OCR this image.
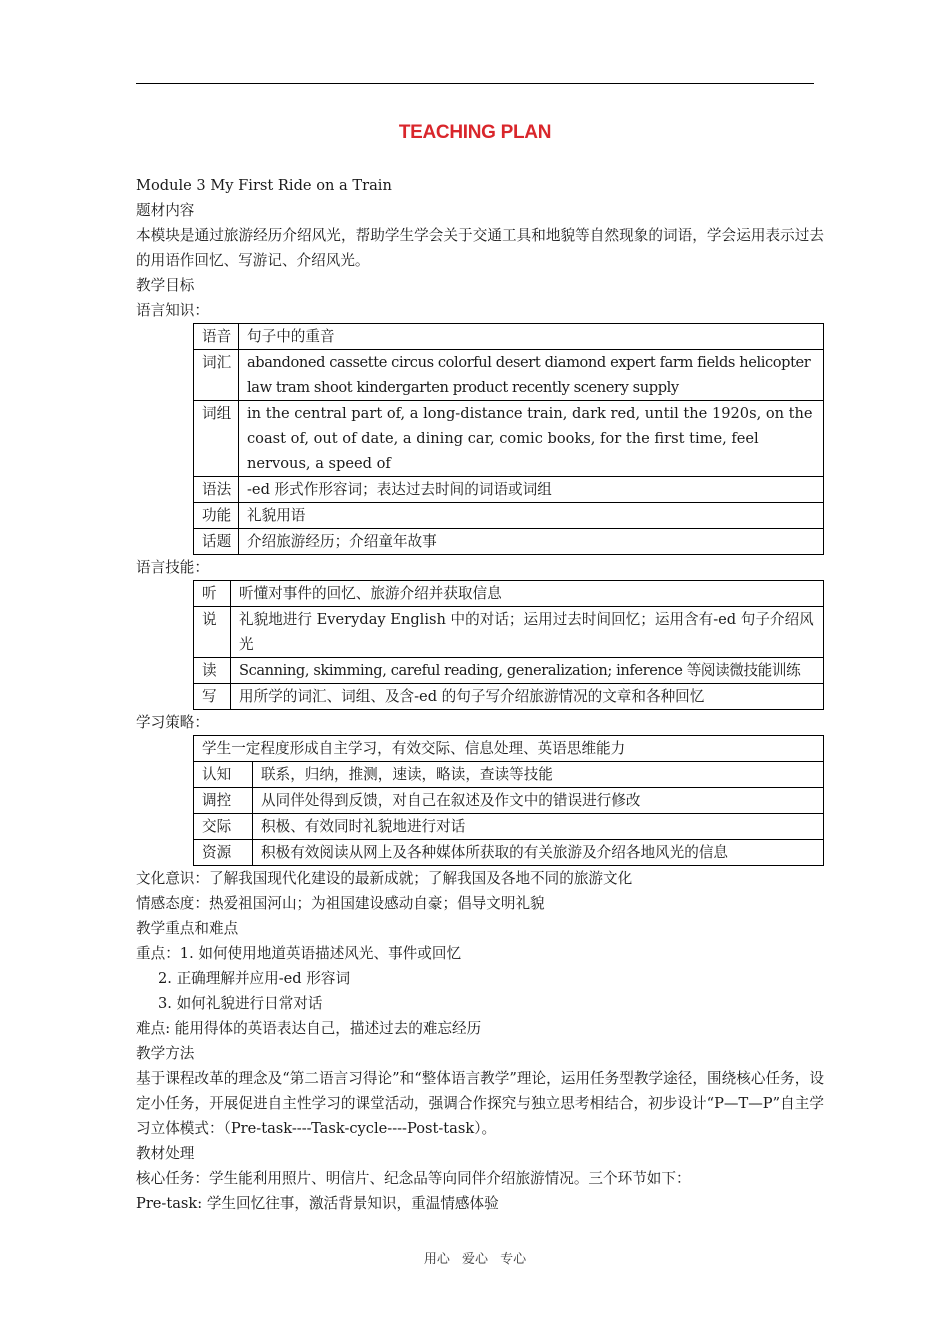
TEACHING PLAN

Module 3 My First Ride on a Train

题材内容

本模块是通过旅游经历介绍风光，帮助学生学会关于交通工具和地貌等自然现象的词语，学会运用表示过去的用语作回忆、写游记、介绍风光。

教学目标

语言知识：

语音	句子中的重音
词汇	abandoned cassette circus colorful desert diamond expert farm fields helicopter law tram shoot kindergarten product recently scenery supply
词组	in the central part of, a long-distance train, dark red, until the 1920s, on the coast of, out of date, a dining car, comic books, for the first time, feel nervous, a speed of
语法	-ed 形式作形容词；表达过去时间的词语或词组
功能	礼貌用语
话题	介绍旅游经历；介绍童年故事

语言技能：

听	听懂对事件的回忆、旅游介绍并获取信息
说	礼貌地进行 Everyday English 中的对话；运用过去时间回忆；运用含有-ed 句子介绍风光
读	Scanning, skimming, careful reading, generalization; inference 等阅读微技能训练
写	用所学的词汇、词组、及含-ed 的句子写介绍旅游情况的文章和各种回忆

学习策略：

学生一定程度形成自主学习，有效交际、信息处理、英语思维能力	
认知	联系，归纳，推测，速读，略读，查读等技能
调控	从同伴处得到反馈，对自己在叙述及作文中的错误进行修改
交际	积极、有效同时礼貌地进行对话
资源	积极有效阅读从网上及各种媒体所获取的有关旅游及介绍各地风光的信息

文化意识：了解我国现代化建设的最新成就；了解我国及各地不同的旅游文化

情感态度：热爱祖国河山；为祖国建设感动自豪；倡导文明礼貌

教学重点和难点

重点：1. 如何使用地道英语描述风光、事件或回忆

2. 正确理解并应用-ed 形容词

3. 如何礼貌进行日常对话

难点: 能用得体的英语表达自己，描述过去的难忘经历

教学方法

基于课程改革的理念及“第二语言习得论”和“整体语言教学”理论，运用任务型教学途径，围绕核心任务，设定小任务，开展促进自主性学习的课堂活动，强调合作探究与独立思考相结合，初步设计“P—T—P”自主学习立体模式：（Pre-task----Task-cycle----Post-task）。

教材处理

核心任务：学生能利用照片、明信片、纪念品等向同伴介绍旅游情况。三个环节如下：

Pre-task: 学生回忆往事，激活背景知识，重温情感体验

用心 爱心 专心
